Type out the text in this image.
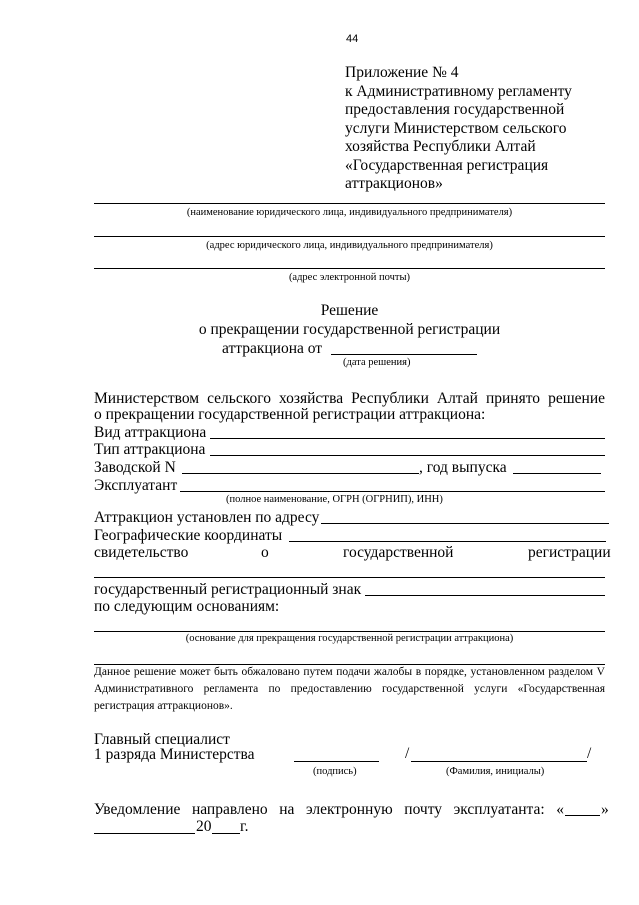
44
Приложение № 4
к Административному регламенту
предоставления государственной
услуги Министерством сельского
хозяйства Республики Алтай
«Государственная регистрация
аттракционов»
(наименование юридического лица, индивидуального предпринимателя)
(адрес юридического лица, индивидуального предпринимателя)
(адрес электронной почты)
Решение
о прекращении государственной регистрации
аттракциона от
(дата решения)
Министерством сельского хозяйства Республики Алтай принято решение
о прекращении государственной регистрации аттракциона:
Вид аттракциона
Тип аттракциона
Заводской N	, год выпуска
Эксплуатант
(полное наименование, ОГРН (ОГРНИП), ИНН)
Аттракцион установлен по адресу
Географические координаты
свидетельство	о	государственной	регистрации
государственный регистрационный знак
по следующим основаниям:
(основание для прекращения государственной регистрации аттракциона)
Данное решение может быть обжаловано путем подачи жалобы в порядке, установленном разделом V Административного регламента по предоставлению государственной услуги «Государственная регистрация аттракционов».
Главный специалист
1 разряда Министерства	/	/
(подпись)	(Фамилия, инициалы)
Уведомление направлено на электронную почту эксплуатанта: « »
20 г.
